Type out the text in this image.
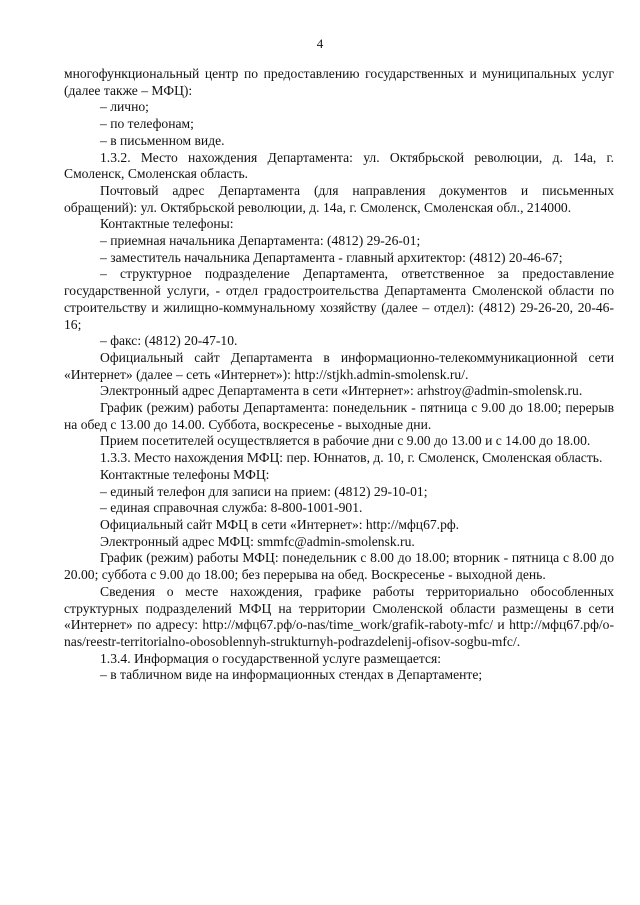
4

многофункциональный центр по предоставлению государственных и муниципальных услуг (далее также – МФЦ):

– лично;

– по телефонам;

– в письменном виде.

1.3.2. Место нахождения Департамента: ул. Октябрьской революции, д. 14а, г. Смоленск, Смоленская область.

Почтовый адрес Департамента (для направления документов и письменных обращений): ул. Октябрьской революции, д. 14а, г. Смоленск, Смоленская обл., 214000.

Контактные телефоны:

– приемная начальника Департамента: (4812) 29-26-01;

– заместитель начальника Департамента - главный архитектор: (4812) 20-46-67;

– структурное подразделение Департамента, ответственное за предоставление государственной услуги, - отдел градостроительства Департамента Смоленской области по строительству и жилищно-коммунальному хозяйству (далее – отдел): (4812) 29-26-20, 20-46-16;

– факс: (4812) 20-47-10.

Официальный сайт Департамента в информационно-телекоммуникационной сети «Интернет» (далее – сеть «Интернет»): http://stjkh.admin-smolensk.ru/.

Электронный адрес Департамента в сети «Интернет»: arhstroy@admin-smolensk.ru.

График (режим) работы Департамента: понедельник - пятница с 9.00 до 18.00; перерыв на обед с 13.00 до 14.00. Суббота, воскресенье - выходные дни.

Прием посетителей осуществляется в рабочие дни с 9.00 до 13.00 и с 14.00 до 18.00.

1.3.3. Место нахождения МФЦ: пер. Юннатов, д. 10, г. Смоленск, Смоленская область.

Контактные телефоны МФЦ:

– единый телефон для записи на прием: (4812) 29-10-01;

– единая справочная служба: 8-800-1001-901.

Официальный сайт МФЦ в сети «Интернет»: http://мфц67.рф.

Электронный адрес МФЦ: smmfc@admin-smolensk.ru.

График (режим) работы МФЦ: понедельник с 8.00 до 18.00; вторник - пятница с 8.00 до 20.00; суббота с 9.00 до 18.00; без перерыва на обед. Воскресенье - выходной день.

Сведения о месте нахождения, графике работы территориально обособленных структурных подразделений МФЦ на территории Смоленской области размещены в сети «Интернет» по адресу: http://мфц67.рф/o-nas/time_work/grafik-raboty-mfc/ и http://мфц67.рф/o-nas/reestr-territorialno-obosoblennyh-strukturnyh-podrazdelenij-ofisov-sogbu-mfc/.

1.3.4. Информация о государственной услуге размещается:

– в табличном виде на информационных стендах в Департаменте;
